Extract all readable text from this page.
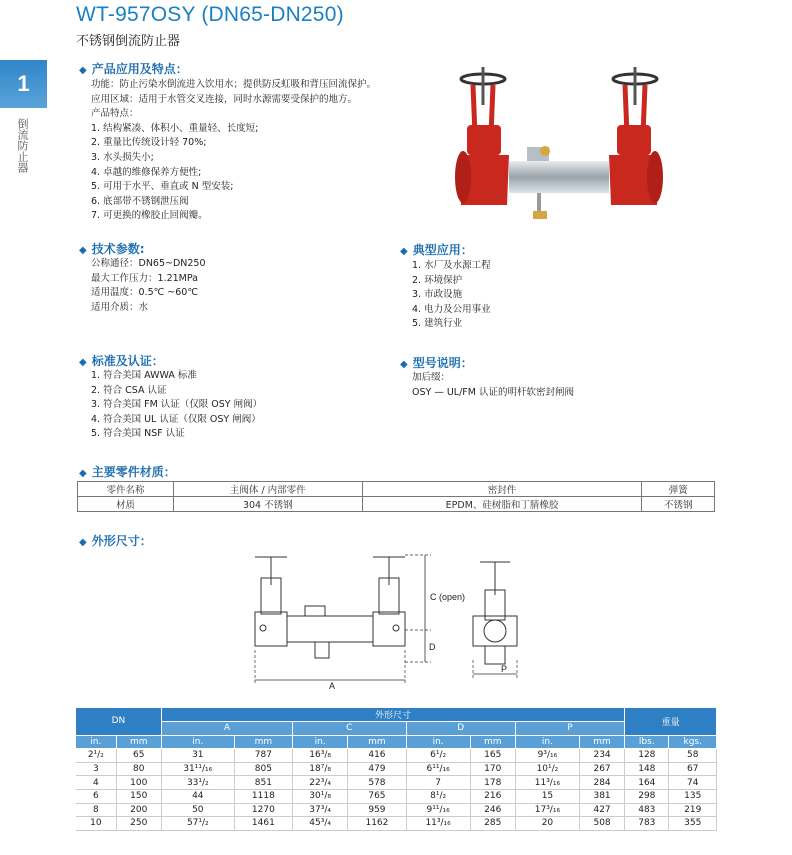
WT-957OSY (DN65-DN250)
不锈钢倒流防止器
1
倒流防止器
◆ 产品应用及特点：
功能：防止污染水倒流进入饮用水；提供防反虹吸和背压回流保护。
应用区域：适用于水管交叉连接，同时水源需要受保护的地方。
产品特点：
1. 结构紧凑、体积小、重量轻、长度短;
2. 重量比传统设计轻 70%;
3. 水头损失小;
4. 卓越的维修保养方便性;
5. 可用于水平、垂直或 N 型安装;
6. 底部带不锈钢泄压阀
7. 可更换的橡胶止回阀瓣。
◆ 技术参数:
公称通径：DN65~DN250
最大工作压力：1.21MPa
适用温度：0.5℃ ~60℃
适用介质：水
◆ 典型应用：
1. 水厂及水源工程
2. 环境保护
3. 市政设施
4. 电力及公用事业
5. 建筑行业
◆ 标准及认证：
1. 符合美国 AWWA 标准
2. 符合 CSA 认证
3. 符合美国 FM 认证（仅限 OSY 闸阀）
4. 符合美国 UL 认证（仅限 OSY 闸阀）
5. 符合美国 NSF 认证
◆ 型号说明：
加后缀：
OSY — UL/FM 认证的明杆软密封闸阀
◆ 主要零件材质：
零件名称	主阀体 / 内部零件	密封件	弹簧
材质	304 不锈钢	EPDM、硅树脂和丁腈橡胶	不锈钢
◆ 外形尺寸：
C (open)
D
A
P
DN		外形尺寸								重量	
		A		C		D		P			
in.	mm	in.	mm	in.	mm	in.	mm	in.	mm	lbs.	kgs.
2¹/₂	65	31	787	16³/₈	416	6¹/₂	165	9³/₁₆	234	128	58
3	80	31¹¹/₁₆	805	18⁷/₈	479	6¹¹/₁₆	170	10¹/₂	267	148	67
4	100	33¹/₂	851	22³/₄	578	7	178	11³/₁₆	284	164	74
6	150	44	1118	30¹/₈	765	8¹/₂	216	15	381	298	135
8	200	50	1270	37³/₄	959	9¹¹/₁₆	246	17³/₁₆	427	483	219
10	250	57¹/₂	1461	45³/₄	1162	11³/₁₆	285	20	508	783	355
